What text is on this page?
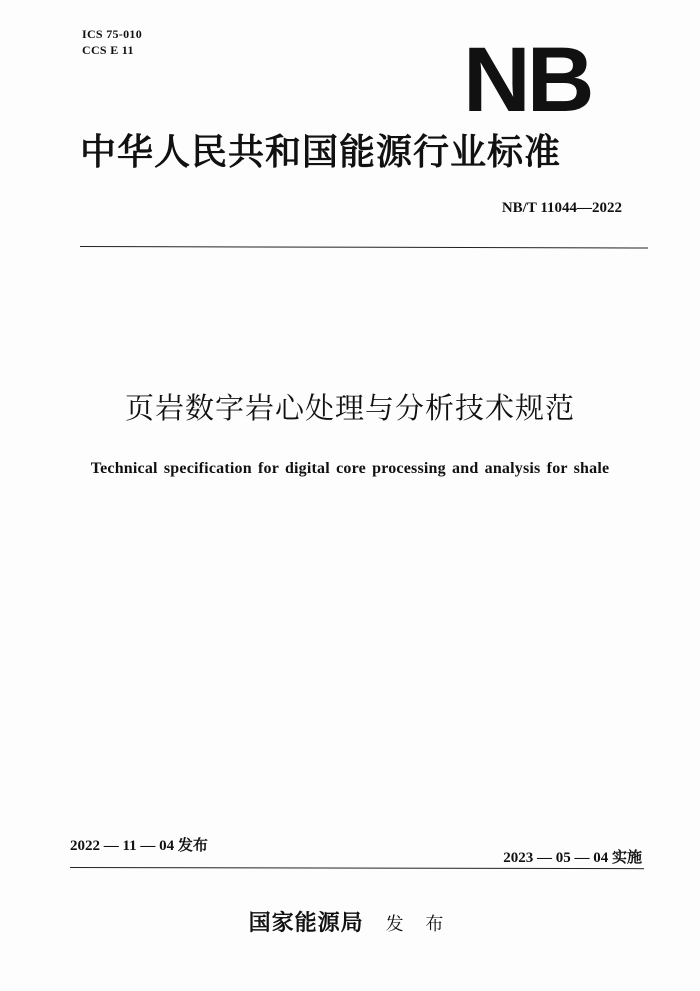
ICS 75-010
CCS E 11	NB
中华人民共和国能源行业标准
NB/T 11044—2022
页岩数字岩心处理与分析技术规范
Technical specification for digital core processing and analysis for shale
2022 — 11 — 04 发布
2023 — 05 — 04 实施
国家能源局 发 布
